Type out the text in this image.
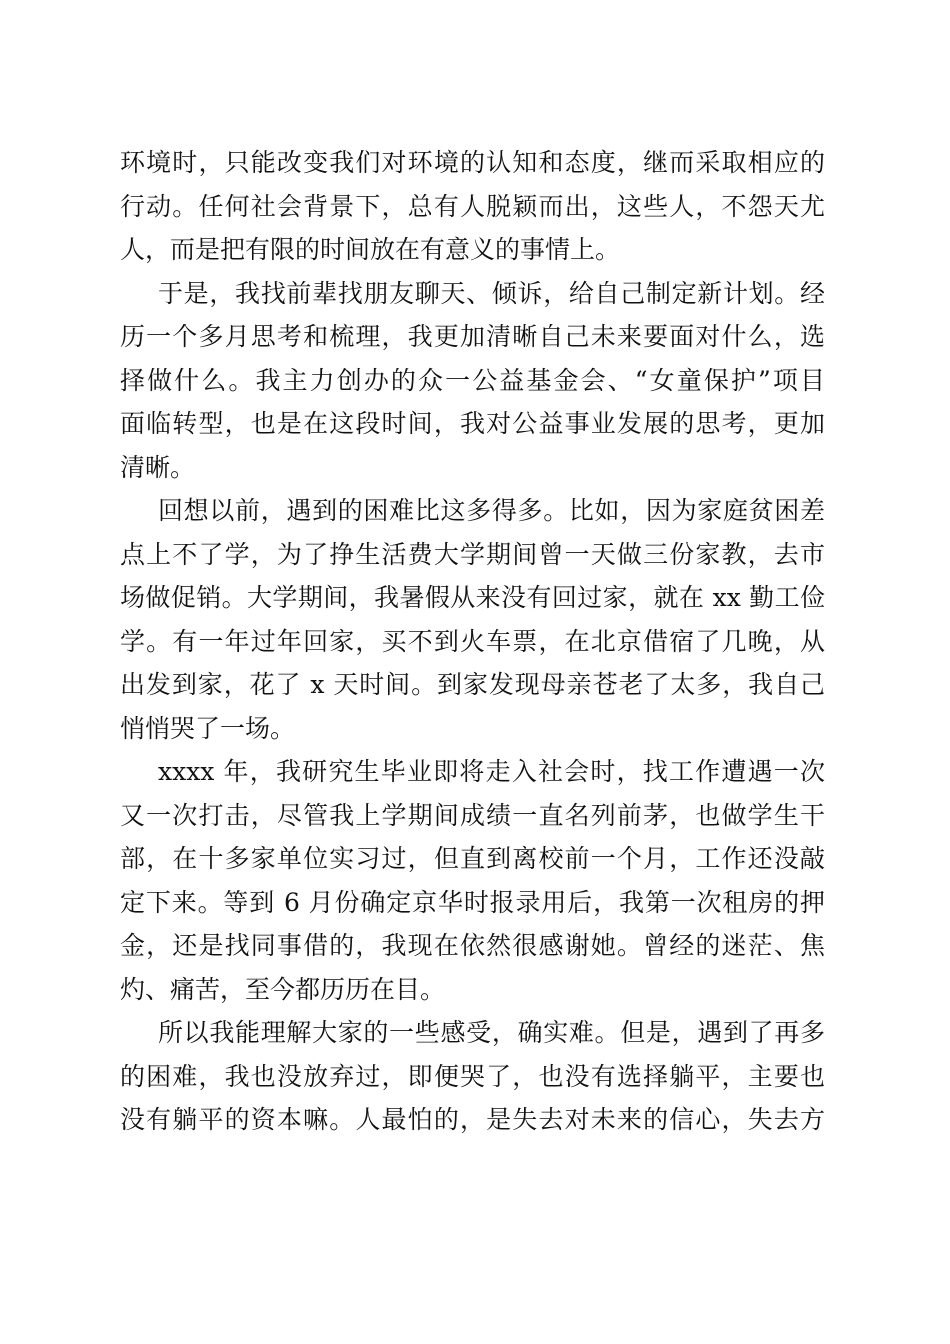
环境时，只能改变我们对环境的认知和态度，继而采取相应的
行动。任何社会背景下，总有人脱颖而出，这些人，不怨天尤
人，而是把有限的时间放在有意义的事情上。
于是，我找前辈找朋友聊天、倾诉，给自己制定新计划。经
历一个多月思考和梳理，我更加清晰自己未来要面对什么，选
择做什么。我主力创办的众一公益基金会、“女童保护”项目
面临转型，也是在这段时间，我对公益事业发展的思考，更加
清晰。
回想以前，遇到的困难比这多得多。比如，因为家庭贫困差
点上不了学，为了挣生活费大学期间曾一天做三份家教，去市
场做促销。大学期间，我暑假从来没有回过家，就在 xx 勤工俭
学。有一年过年回家，买不到火车票，在北京借宿了几晚，从
出发到家，花了 x 天时间。到家发现母亲苍老了太多，我自己
悄悄哭了一场。
xxxx 年，我研究生毕业即将走入社会时，找工作遭遇一次
又一次打击，尽管我上学期间成绩一直名列前茅，也做学生干
部，在十多家单位实习过，但直到离校前一个月，工作还没敲
定下来。等到 6 月份确定京华时报录用后，我第一次租房的押
金，还是找同事借的，我现在依然很感谢她。曾经的迷茫、焦
灼、痛苦，至今都历历在目。
所以我能理解大家的一些感受，确实难。但是，遇到了再多
的困难，我也没放弃过，即便哭了，也没有选择躺平，主要也
没有躺平的资本嘛。人最怕的，是失去对未来的信心，失去方
